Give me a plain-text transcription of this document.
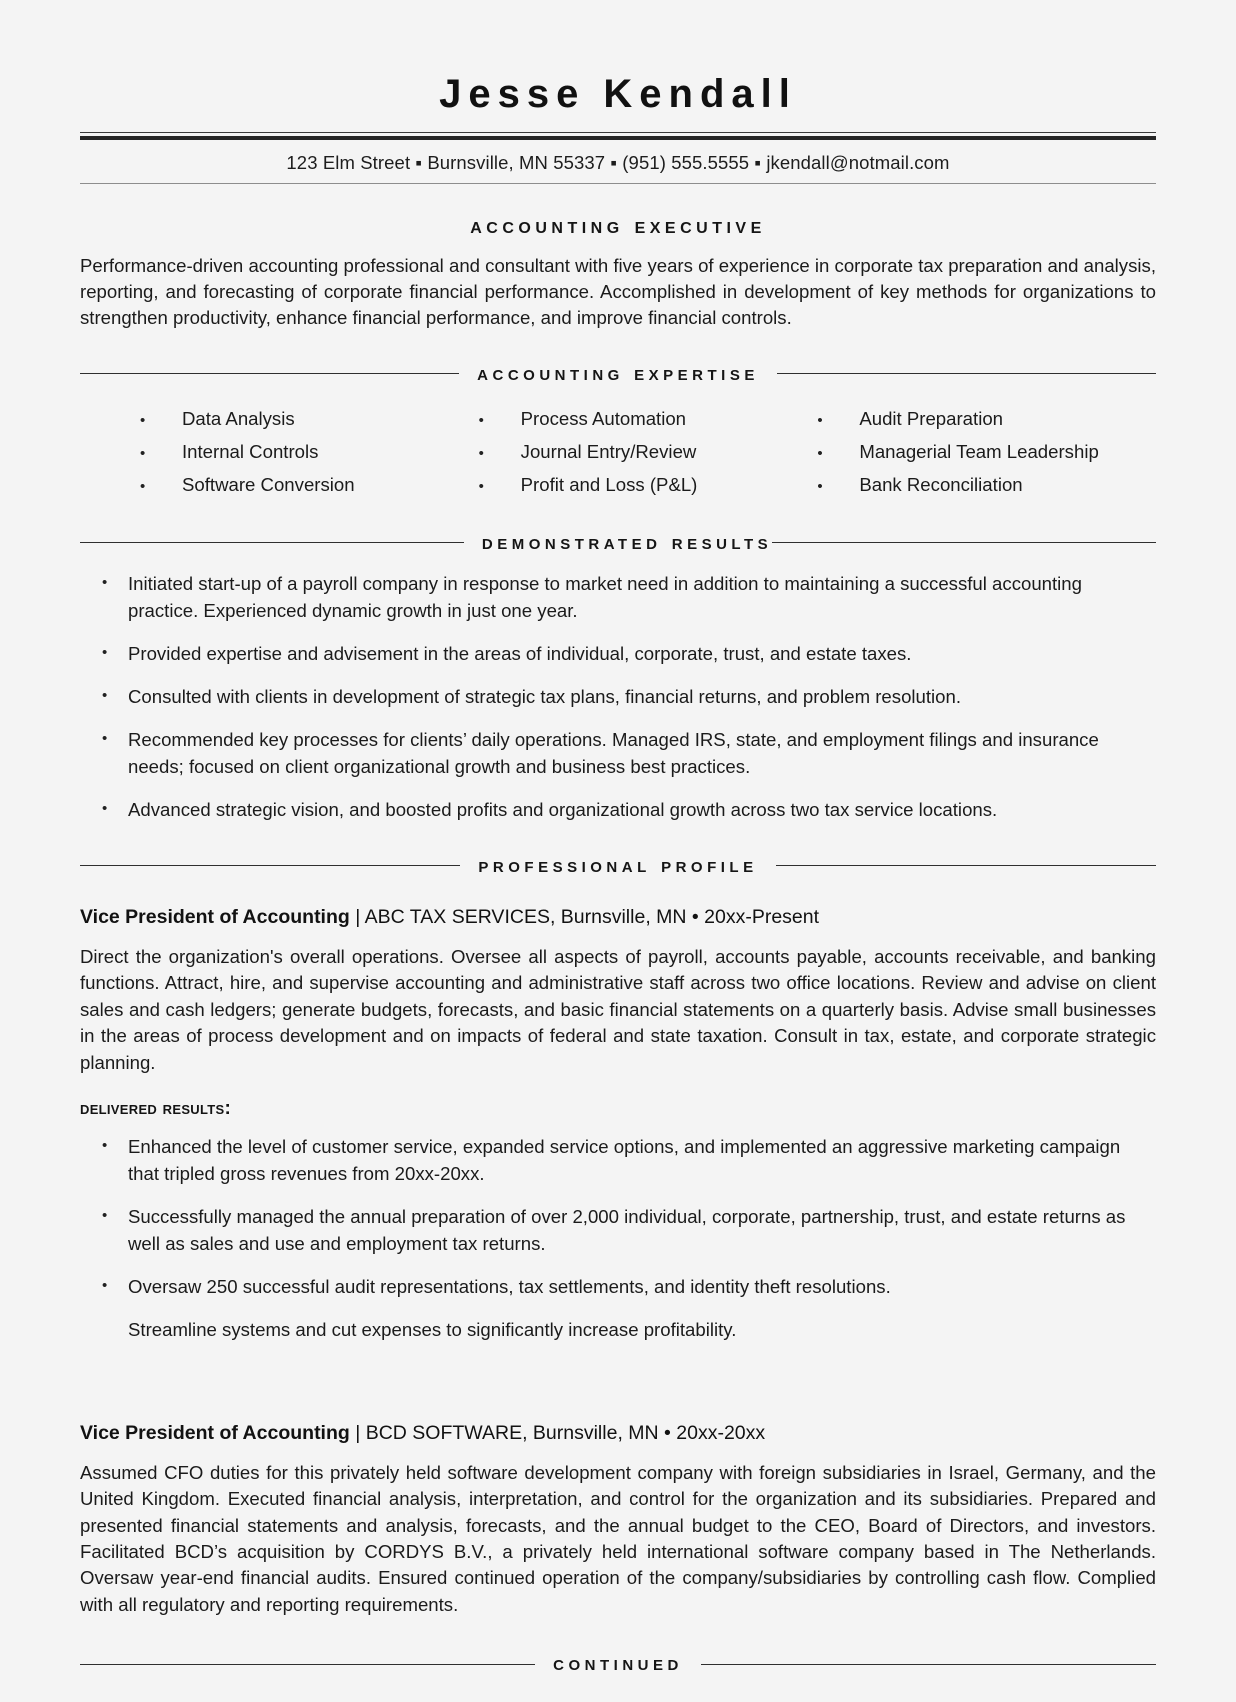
Jesse Kendall
123 Elm Street ▪ Burnsville, MN 55337 ▪ (951) 555.5555 ▪ jkendall@notmail.com
accounting executive

Performance-driven accounting professional and consultant with five years of experience in corporate tax preparation and analysis, reporting, and forecasting of corporate financial performance. Accomplished in development of key methods for organizations to strengthen productivity, enhance financial performance, and improve financial controls.

accounting expertise
•	Data Analysis	•	Process Automation	•	Audit Preparation
•	Internal Controls	•	Journal Entry/Review	•	Managerial Team Leadership
•	Software Conversion	•	Profit and Loss (P&L)	•	Bank Reconciliation
demonstrated results
•	Initiated start-up of a payroll company in response to market need in addition to maintaining a successful accounting practice. Experienced dynamic growth in just one year.
•	Provided expertise and advisement in the areas of individual, corporate, trust, and estate taxes.
•	Consulted with clients in development of strategic tax plans, financial returns, and problem resolution.
•	Recommended key processes for clients’ daily operations. Managed IRS, state, and employment filings and insurance needs; focused on client organizational growth and business best practices.
•	Advanced strategic vision, and boosted profits and organizational growth across two tax service locations.
professional profile
Vice President of Accounting | ABC TAX SERVICES, Burnsville, MN • 20xx-Present

Direct the organization's overall operations. Oversee all aspects of payroll, accounts payable, accounts receivable, and banking functions. Attract, hire, and supervise accounting and administrative staff across two office locations. Review and advise on client sales and cash ledgers; generate budgets, forecasts, and basic financial statements on a quarterly basis. Advise small businesses in the areas of process development and on impacts of federal and state taxation. Consult in tax, estate, and corporate strategic planning.

delivered results:
•	Enhanced the level of customer service, expanded service options, and implemented an aggressive marketing campaign that tripled gross revenues from 20xx-20xx.
•	Successfully managed the annual preparation of over 2,000 individual, corporate, partnership, trust, and estate returns as well as sales and use and employment tax returns.
•	Oversaw 250 successful audit representations, tax settlements, and identity theft resolutions.
Streamline systems and cut expenses to significantly increase profitability.
Vice President of Accounting | BCD SOFTWARE, Burnsville, MN • 20xx-20xx

Assumed CFO duties for this privately held software development company with foreign subsidiaries in Israel, Germany, and the United Kingdom. Executed financial analysis, interpretation, and control for the organization and its subsidiaries. Prepared and presented financial statements and analysis, forecasts, and the annual budget to the CEO, Board of Directors, and investors. Facilitated BCD’s acquisition by CORDYS B.V., a privately held international software company based in The Netherlands. Oversaw year-end financial audits. Ensured continued operation of the company/subsidiaries by controlling cash flow. Complied with all regulatory and reporting requirements.

continued
